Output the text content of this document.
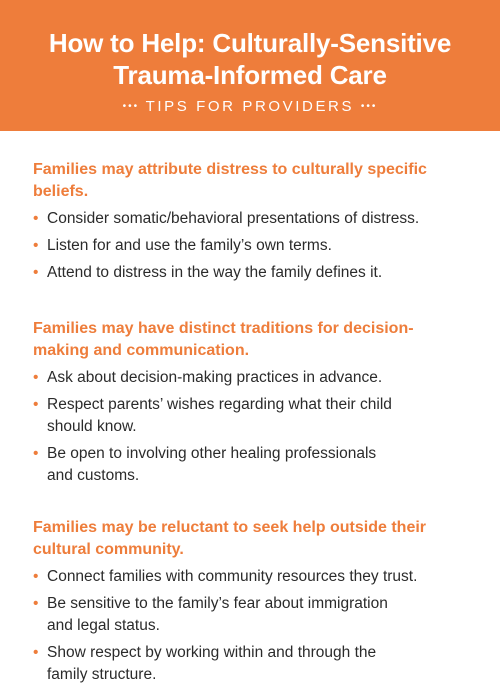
How to Help: Culturally-Sensitive
Trauma-Informed Care
••• TIPS FOR PROVIDERS •••

Families may attribute distress to culturally specific
beliefs.

• Consider somatic/behavioral presentations of distress.
• Listen for and use the family’s own terms.
• Attend to distress in the way the family defines it.

Families may have distinct traditions for decision-
making and communication.

• Ask about decision-making practices in advance.
• Respect parents’ wishes regarding what their child
should know.
• Be open to involving other healing professionals
and customs.

Families may be reluctant to seek help outside their
cultural community.

• Connect families with community resources they trust.
• Be sensitive to the family’s fear about immigration
and legal status.
• Show respect by working within and through the
family structure.
